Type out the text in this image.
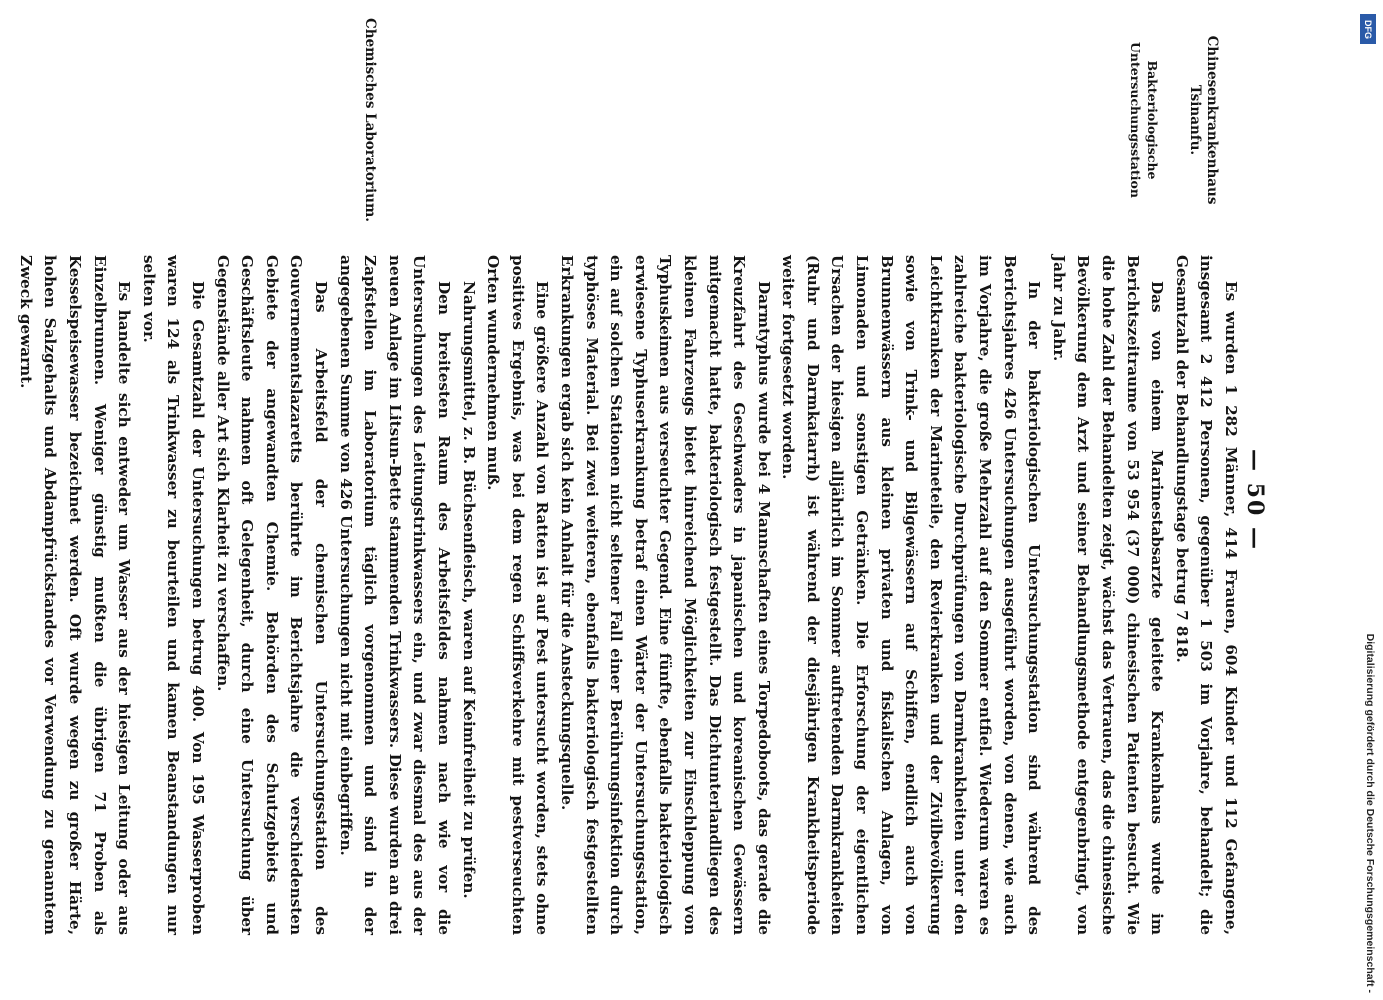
— 50 —
Chinesenkrankenhaus Tsinanfu.
Bakteriologische Untersuchungsstation
Chemisches Laboratorium.

Es wurden 1 282 Männer, 414 Frauen, 604 Kinder und 112 Gefangene, insgesamt 2 412 Personen, gegenüber 1 503 im Vorjahre, behandelt; die Gesamtzahl der Behandlungstage betrug 7 818.

Das von einem Marinestabsarzte geleitete Krankenhaus wurde im Berichtszeitraume von 53 954 (37 000) chinesischen Patienten besucht. Wie die hohe Zahl der Behandelten zeigt, wächst das Vertrauen, das die chinesische Bevölkerung dem Arzt und seiner Behandlungsmethode entgegenbringt, von Jahr zu Jahr.

In der bakteriologischen Untersuchungsstation sind während des Berichtsjahres 426 Untersuchungen ausgeführt worden, von denen, wie auch im Vorjahre, die große Mehrzahl auf den Sommer entfiel. Wiederum waren es zahlreiche bakteriologische Durchprüfungen von Darmkrankheiten unter den Leichtkranken der Marineteile, den Revierkranken und der Zivilbevölkerung sowie von Trink- und Bilgewässern auf Schiffen, endlich auch von Brunnenwässern aus kleinen privaten und fiskalischen Anlagen, von Limonaden und sonstigen Getränken. Die Erforschung der eigentlichen Ursachen der hiesigen alljährlich im Sommer auftretenden Darmkrankheiten (Ruhr und Darmkatarrh) ist während der diesjährigen Krankheitsperiode weiter fortgesetzt worden.

Darmtyphus wurde bei 4 Mannschaften eines Torpedoboots, das gerade die Kreuzfahrt des Geschwaders in japanischen und koreanischen Gewässern mitgemacht hatte, bakteriologisch festgestellt. Das Dichtunterlandliegen des kleinen Fahrzeugs bietet hinreichend Möglichkeiten zur Einschleppung von Typhuskeimen aus verseuchter Gegend. Eine fünfte, ebenfalls bakteriologisch erwiesene Typhuserkrankung betraf einen Wärter der Untersuchungsstation, ein auf solchen Stationen nicht seltener Fall einer Berührungsinfektion durch typhöses Material. Bei zwei weiteren, ebenfalls bakteriologisch festgestellten Erkrankungen ergab sich kein Anhalt für die Ansteckungsquelle.

Eine größere Anzahl von Ratten ist auf Pest untersucht worden, stets ohne positives Ergebnis, was bei dem regen Schiffsverkehre mit pestverseuchten Orten wundernehmen muß.

Nahrungsmittel, z. B. Büchsenfleisch, waren auf Keimfreiheit zu prüfen.

Den breitesten Raum des Arbeitsfeldes nahmen nach wie vor die Untersuchungen des Leitungstrinkwassers ein, und zwar diesmal des aus der neuen Anlage im Litsun-Bette stammenden Trinkwassers. Diese wurden an drei Zapfstellen im Laboratorium täglich vorgenommen und sind in der angegebenen Summe von 426 Untersuchungen nicht mit einbegriffen.

Das Arbeitsfeld der chemischen Untersuchungsstation des Gouvernementslazaretts berührte im Berichtsjahre die verschiedensten Gebiete der angewandten Chemie. Behörden des Schutzgebiets und Geschäftsleute nahmen oft Gelegenheit, durch eine Untersuchung über Gegenstände aller Art sich Klarheit zu verschaffen.

Die Gesamtzahl der Untersuchungen betrug 400. Von 195 Wasserproben waren 124 als Trinkwasser zu beurteilen und kamen Beanstandungen nur selten vor.

Es handelte sich entweder um Wasser aus der hiesigen Leitung oder aus Einzelbrunnen. Weniger günstig mußten die übrigen 71 Proben als Kesselspeisewasser bezeichnet werden. Oft wurde wegen zu großer Härte, hohen Salzgehalts und Abdampfrückstandes vor Verwendung zu genanntem Zweck gewarnt.

Digitalisierung gefördert durch die Deutsche Forschungsgemeinschaft -
DFG
